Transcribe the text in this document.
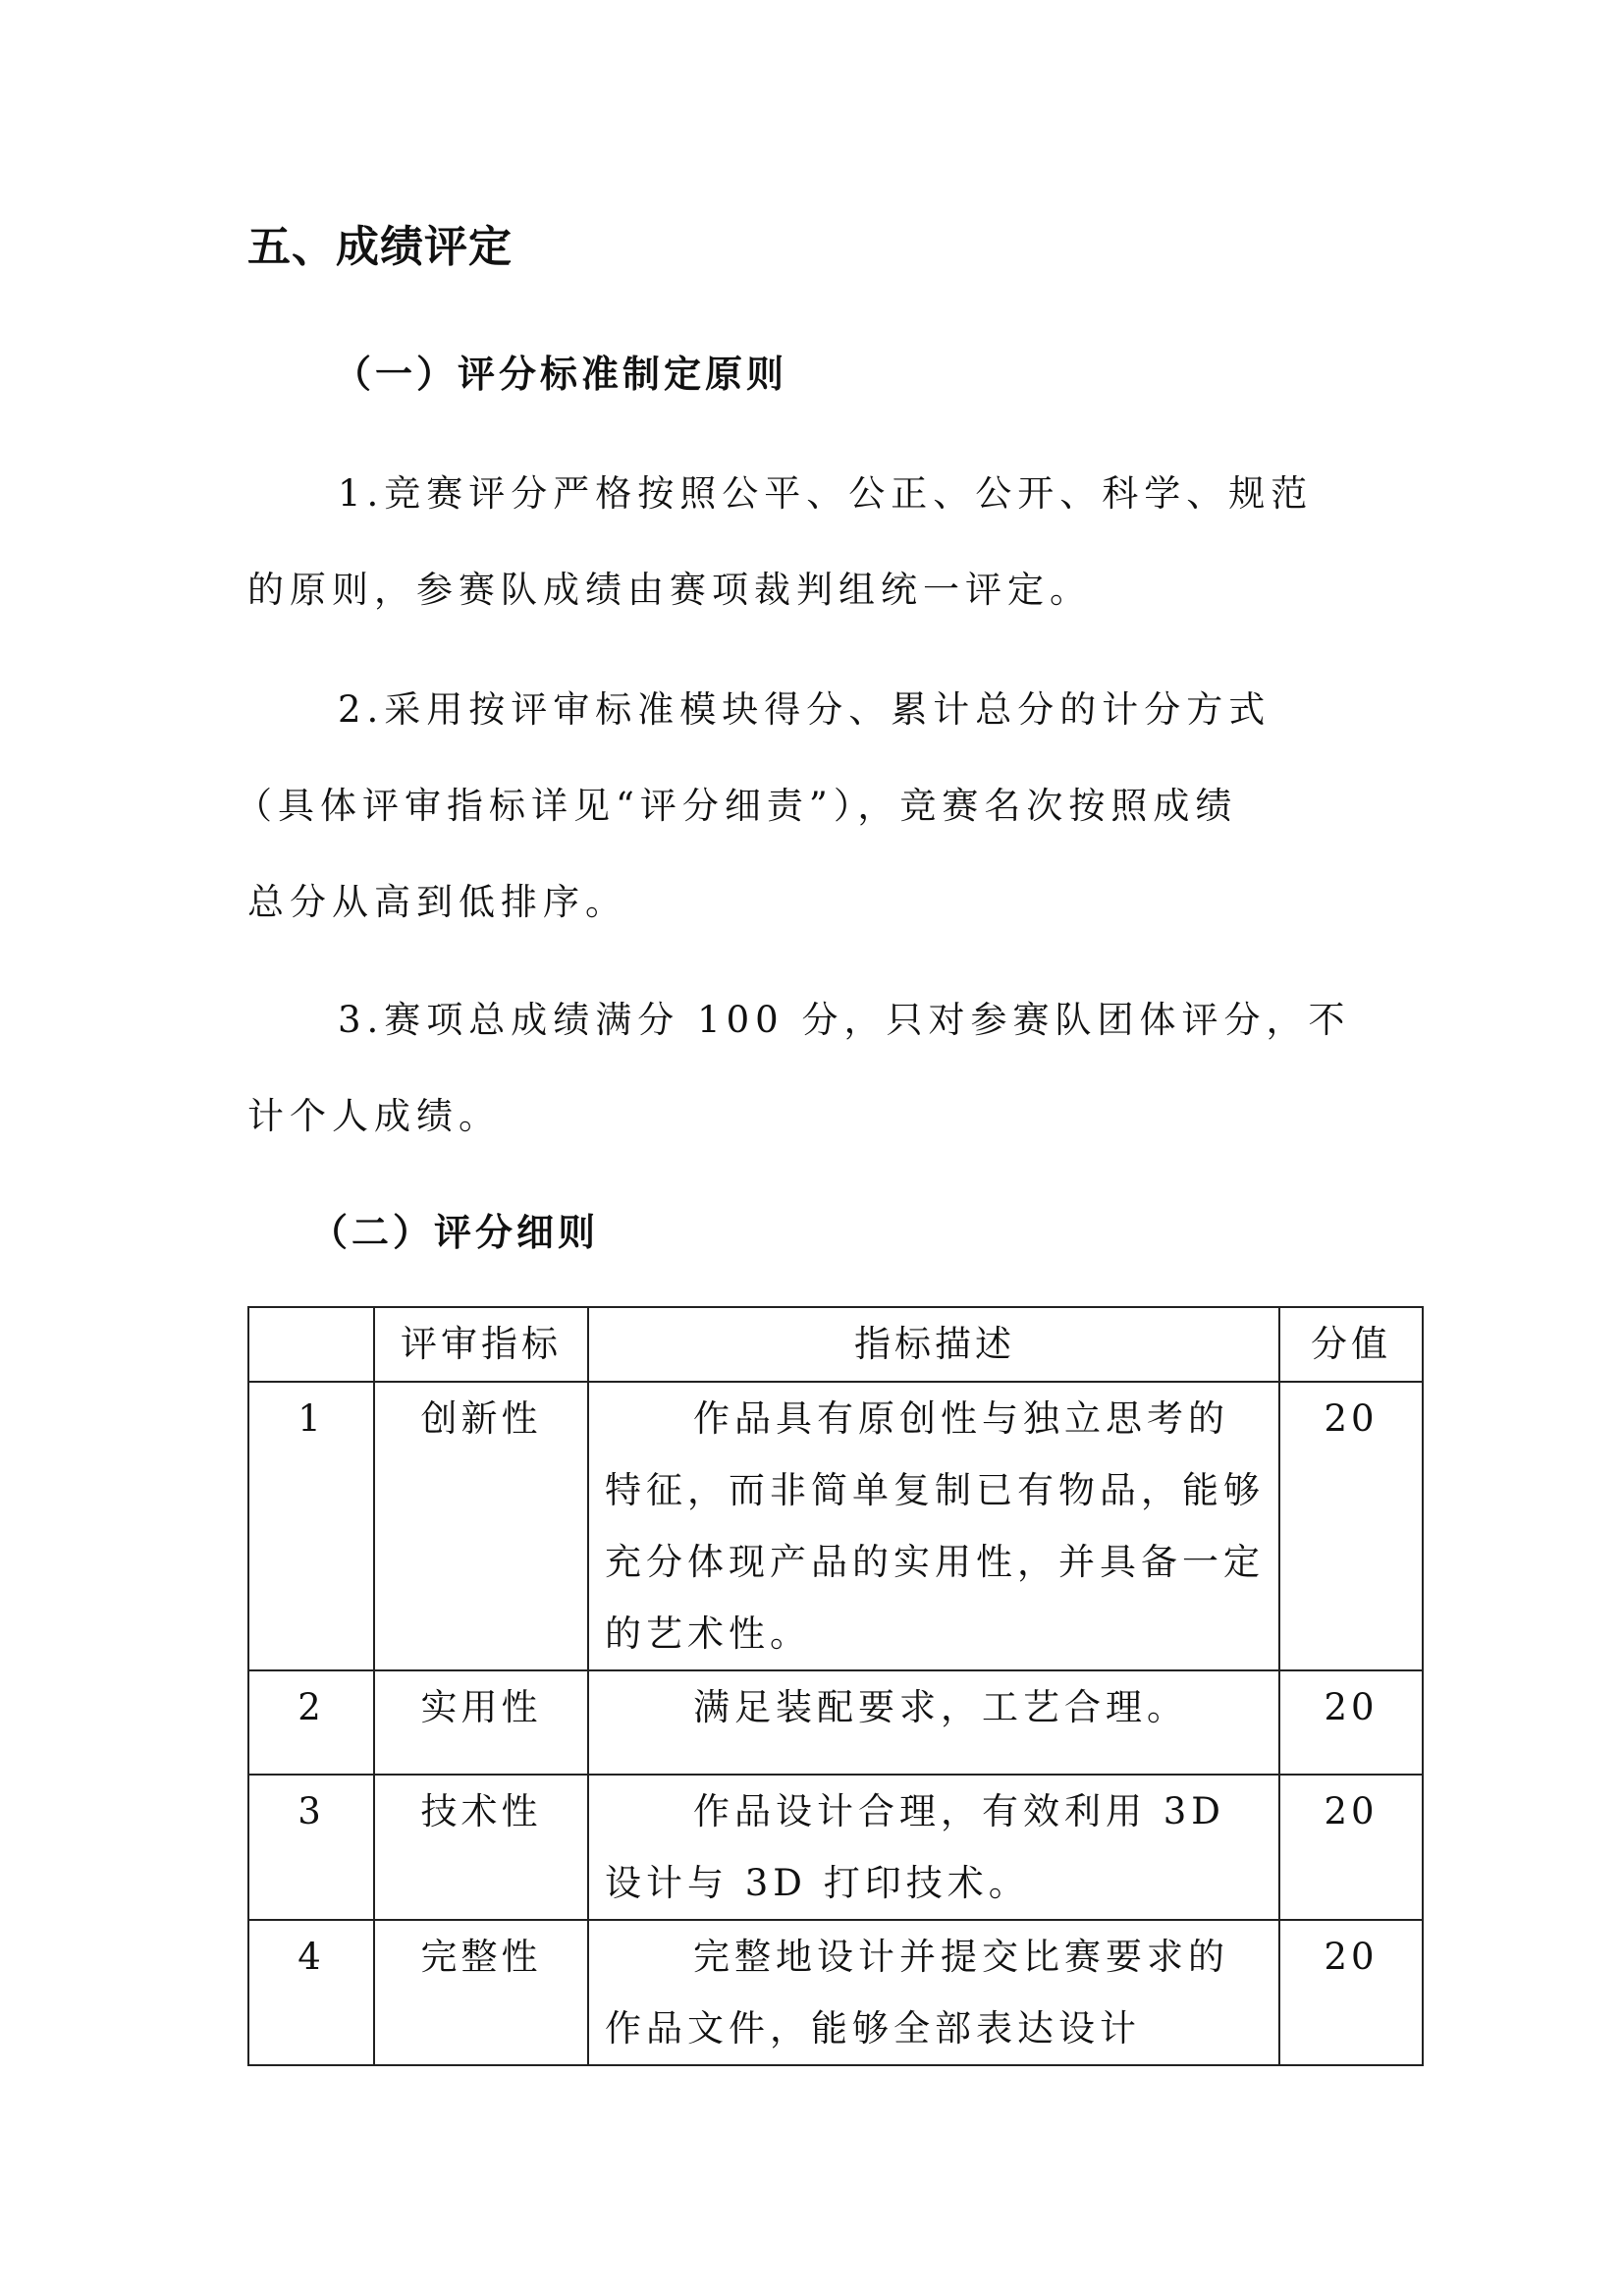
五、成绩评定
（一）评分标准制定原则
1.竞赛评分严格按照公平、公正、公开、科学、规范
的原则，参赛队成绩由赛项裁判组统一评定。
2.采用按评审标准模块得分、累计总分的计分方式
（具体评审指标详见“评分细责”），竞赛名次按照成绩
总分从高到低排序。
3.赛项总成绩满分 100 分，只对参赛队团体评分，不
计个人成绩。
（二）评分细则
	评审指标	指标描述	分值
1	创新性	作品具有原创性与独立思考的特征，而非简单复制已有物品，能够充分体现产品的实用性，并具备一定的艺术性。	20
2	实用性	满足装配要求，工艺合理。	20
3	技术性	作品设计合理，有效利用 3D 设计与 3D 打印技术。	20
4	完整性	完整地设计并提交比赛要求的作品文件，能够全部表达设计	20
